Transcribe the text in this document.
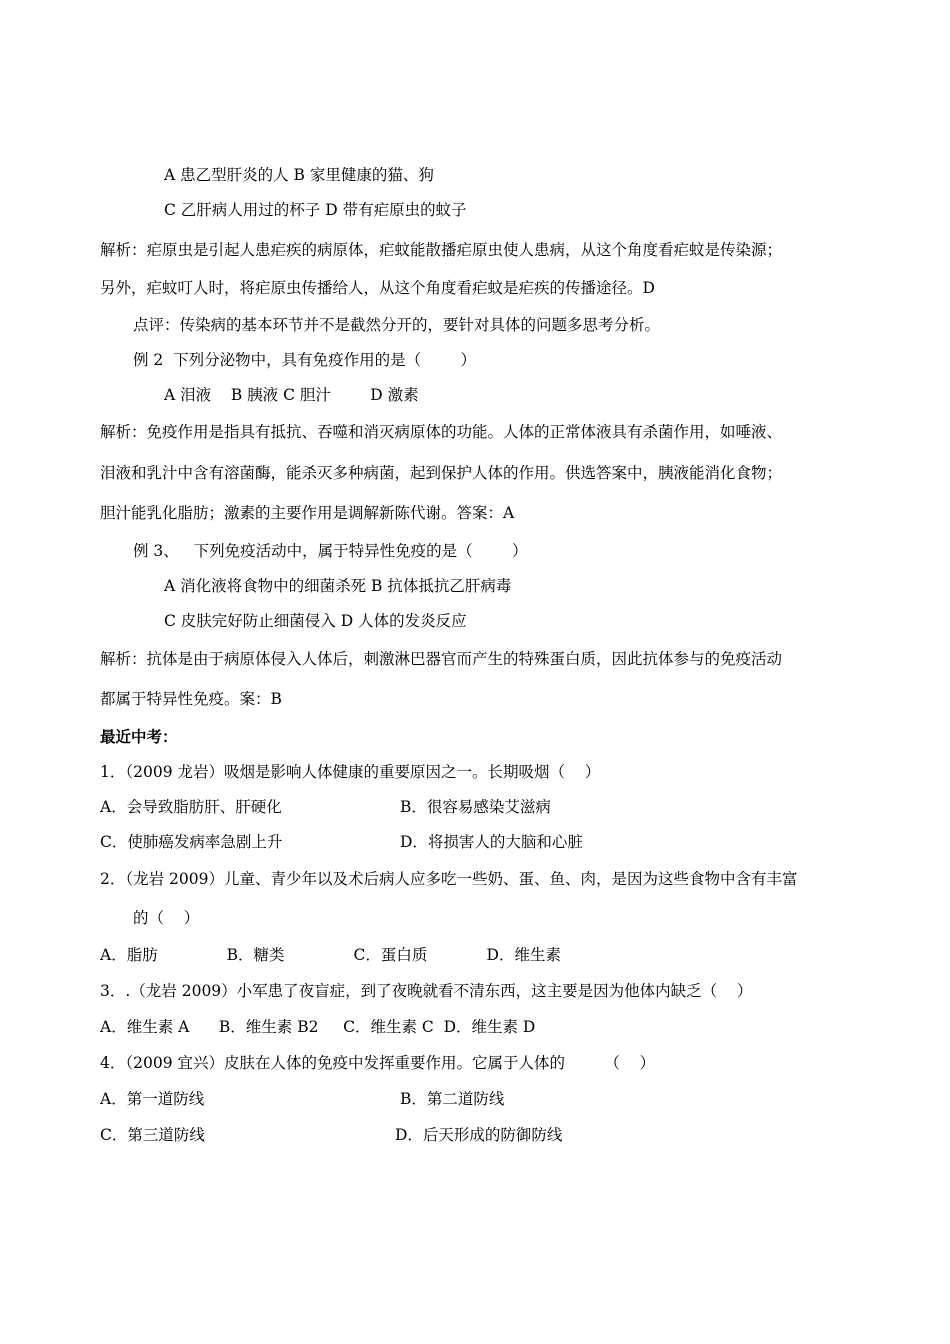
A 患乙型肝炎的人 B 家里健康的猫、狗
C 乙肝病人用过的杯子 D 带有疟原虫的蚊子
解析：疟原虫是引起人患疟疾的病原体，疟蚊能散播疟原虫使人患病，从这个角度看疟蚊是传染源；
另外，疟蚊叮人时，将疟原虫传播给人，从这个角度看疟蚊是疟疾的传播途径。D
点评：传染病的基本环节并不是截然分开的，要针对具体的问题多思考分析。
例 2  下列分泌物中，具有免疫作用的是（        ）
A 泪液    B 胰液 C 胆汁        D 激素
解析：免疫作用是指具有抵抗、吞噬和消灭病原体的功能。人体的正常体液具有杀菌作用，如唾液、
泪液和乳汁中含有溶菌酶，能杀灭多种病菌，起到保护人体的作用。供选答案中，胰液能消化食物；
胆汁能乳化脂肪；激素的主要作用是调解新陈代谢。答案：A
例 3、   下列免疫活动中，属于特异性免疫的是（        ）
A 消化液将食物中的细菌杀死 B 抗体抵抗乙肝病毒
C 皮肤完好防止细菌侵入 D 人体的发炎反应
解析：抗体是由于病原体侵入人体后，刺激淋巴器官而产生的特殊蛋白质，因此抗体参与的免疫活动
都属于特异性免疫。案：B
最近中考：
1．（2009 龙岩）吸烟是影响人体健康的重要原因之一。长期吸烟（    ）
A．会导致脂肪肝、肝硬化	B．很容易感染艾滋病
C．使肺癌发病率急剧上升	D．将损害人的大脑和心脏
2．（龙岩 2009）儿童、青少年以及术后病人应多吃一些奶、蛋、鱼、肉，是因为这些食物中含有丰富
的（    ）
A．脂肪              B．糖类              C．蛋白质            D．维生素
3．.（龙岩 2009）小军患了夜盲症，到了夜晚就看不清东西，这主要是因为他体内缺乏（    ）
A．维生素 A      B．维生素 B2     C．维生素 C  D．维生素 D
4．（2009 宜兴）皮肤在人体的免疫中发挥重要作用。它属于人体的        （    ）
A．第一道防线	B．第二道防线
C．第三道防线	D．后天形成的防御防线
